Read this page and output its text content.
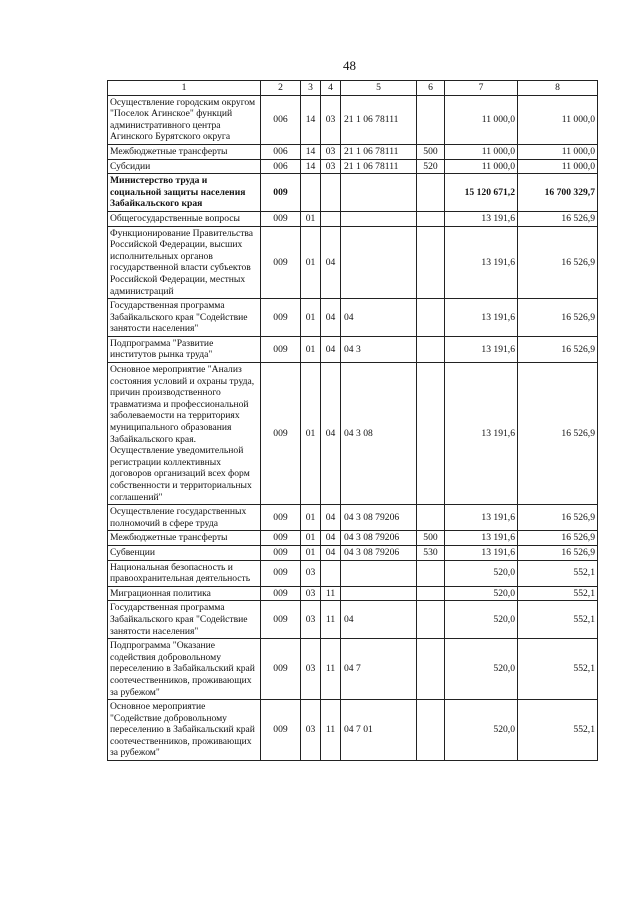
48
1	2	3	4	5	6	7	8
Осуществление городским округом "Поселок Агинское" функций административного центра Агинского Бурятского округа	006	14	03	21 1 06 78111		11 000,0	11 000,0
Межбюджетные трансферты	006	14	03	21 1 06 78111	500	11 000,0	11 000,0
Субсидии	006	14	03	21 1 06 78111	520	11 000,0	11 000,0
Министерство труда и социальной защиты населения Забайкальского края	009					15 120 671,2	16 700 329,7
Общегосударственные вопросы	009	01				13 191,6	16 526,9
Функционирование Правительства Российской Федерации, высших исполнительных органов государственной власти субъектов Российской Федерации, местных администраций	009	01	04			13 191,6	16 526,9
Государственная программа Забайкальского края "Содействие занятости населения"	009	01	04	04		13 191,6	16 526,9
Подпрограмма "Развитие институтов рынка труда"	009	01	04	04 3		13 191,6	16 526,9
Основное мероприятие "Анализ состояния условий и охраны труда, причин производственного травматизма и профессиональной заболеваемости на территориях муниципального образования Забайкальского края. Осуществление уведомительной регистрации коллективных договоров организаций всех форм собственности и территориальных соглашений"	009	01	04	04 3 08		13 191,6	16 526,9
Осуществление государственных полномочий в сфере труда	009	01	04	04 3 08 79206		13 191,6	16 526,9
Межбюджетные трансферты	009	01	04	04 3 08 79206	500	13 191,6	16 526,9
Субвенции	009	01	04	04 3 08 79206	530	13 191,6	16 526,9
Национальная безопасность и правоохранительная деятельность	009	03				520,0	552,1
Миграционная политика	009	03	11			520,0	552,1
Государственная программа Забайкальского края "Содействие занятости населения"	009	03	11	04		520,0	552,1
Подпрограмма "Оказание содействия добровольному переселению в Забайкальский край соотечественников, проживающих за рубежом"	009	03	11	04 7		520,0	552,1
Основное мероприятие "Содействие добровольному переселению в Забайкальский край соотечественников, проживающих за рубежом"	009	03	11	04 7 01		520,0	552,1
